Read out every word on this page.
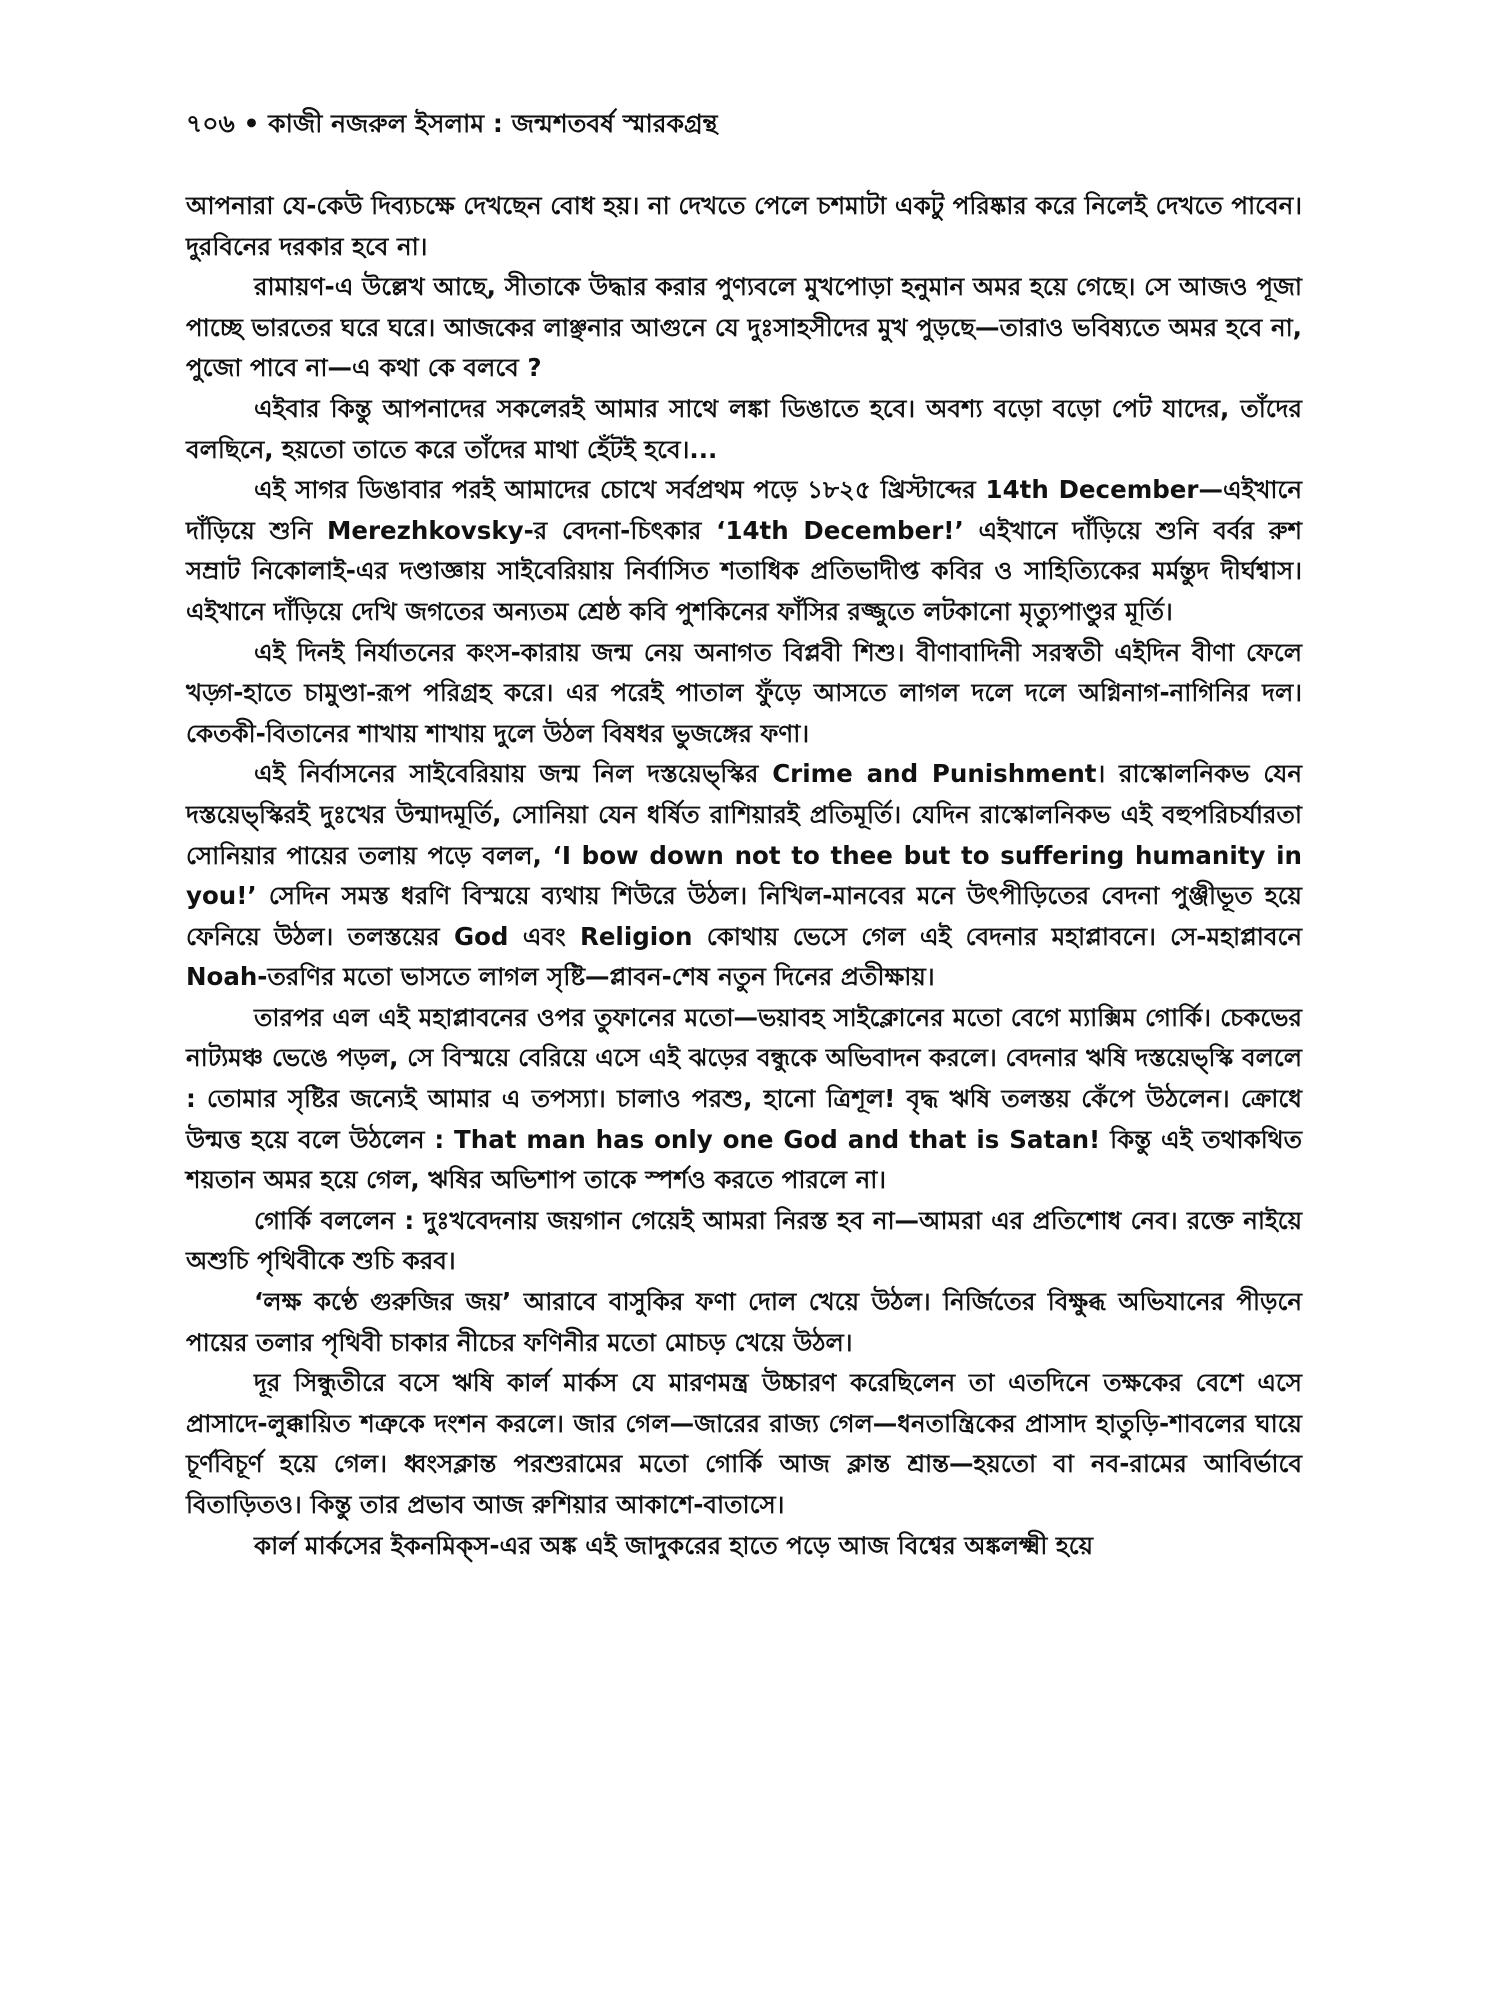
৭০৬ • কাজী নজরুল ইসলাম : জন্মশতবর্ষ স্মারকগ্রন্থ

আপনারা যে-কেউ দিব্যচক্ষে দেখছেন বোধ হয়। না দেখতে পেলে চশমাটা একটু পরিষ্কার করে নিলেই দেখতে পাবেন। দুরবিনের দরকার হবে না।

রামায়ণ-এ উল্লেখ আছে, সীতাকে উদ্ধার করার পুণ্যবলে মুখপোড়া হনুমান অমর হয়ে গেছে। সে আজও পূজা পাচ্ছে ভারতের ঘরে ঘরে। আজকের লাঞ্ছনার আগুনে যে দুঃসাহসীদের মুখ পুড়ছে—তারাও ভবিষ্যতে অমর হবে না, পুজো পাবে না—এ কথা কে বলবে ?

এইবার কিন্তু আপনাদের সকলেরই আমার সাথে লঙ্কা ডিঙাতে হবে। অবশ্য বড়ো বড়ো পেট যাদের, তাঁদের বলছিনে, হয়তো তাতে করে তাঁদের মাথা হেঁটই হবে।...

এই সাগর ডিঙাবার পরই আমাদের চোখে সর্বপ্রথম পড়ে ১৮২৫ খ্রিস্টাব্দের 14th December—এইখানে দাঁড়িয়ে শুনি Merezhkovsky-র বেদনা-চিৎকার ‘14th December!’ এইখানে দাঁড়িয়ে শুনি বর্বর রুশ সম্রাট নিকোলাই-এর দণ্ডাজ্ঞায় সাইবেরিয়ায় নির্বাসিত শতাধিক প্রতিভাদীপ্ত কবির ও সাহিত্যিকের মর্মন্তুদ দীর্ঘশ্বাস। এইখানে দাঁড়িয়ে দেখি জগতের অন্যতম শ্রেষ্ঠ কবি পুশকিনের ফাঁসির রজ্জুতে লটকানো মৃত্যুপাণ্ডুর মূর্তি।

এই দিনই নির্যাতনের কংস-কারায় জন্ম নেয় অনাগত বিপ্লবী শিশু। বীণাবাদিনী সরস্বতী এইদিন বীণা ফেলে খড়্গ-হাতে চামুণ্ডা-রূপ পরিগ্রহ করে। এর পরেই পাতাল ফুঁড়ে আসতে লাগল দলে দলে অগ্নিনাগ-নাগিনির দল। কেতকী-বিতানের শাখায় শাখায় দুলে উঠল বিষধর ভুজঙ্গের ফণা।

এই নির্বাসনের সাইবেরিয়ায় জন্ম নিল দস্তয়েভ্‌স্কির Crime and Punishment। রাস্কোলনিকভ যেন দস্তয়েভ্‌স্কিরই দুঃখের উন্মাদমূর্তি, সোনিয়া যেন ধর্ষিত রাশিয়ারই প্রতিমূর্তি। যেদিন রাস্কোলনিকভ এই বহুপরিচর্যারতা সোনিয়ার পায়ের তলায় পড়ে বলল, ‘I bow down not to thee but to suffering humanity in you!’ সেদিন সমস্ত ধরণি বিস্ময়ে ব্যথায় শিউরে উঠল। নিখিল-মানবের মনে উৎপীড়িতের বেদনা পুঞ্জীভূত হয়ে ফেনিয়ে উঠল। তলস্তয়ের God এবং Religion কোথায় ভেসে গেল এই বেদনার মহাপ্লাবনে। সে-মহাপ্লাবনে Noah-তরণির মতো ভাসতে লাগল সৃষ্টি—প্লাবন-শেষ নতুন দিনের প্রতীক্ষায়।

তারপর এল এই মহাপ্লাবনের ওপর তুফানের মতো—ভয়াবহ সাইক্লোনের মতো বেগে ম্যাক্সিম গোর্কি। চেকভের নাট্যমঞ্চ ভেঙে পড়ল, সে বিস্ময়ে বেরিয়ে এসে এই ঝড়ের বন্ধুকে অভিবাদন করলে। বেদনার ঋষি দস্তয়েভ্‌স্কি বললে : তোমার সৃষ্টির জন্যেই আমার এ তপস্যা। চালাও পরশু, হানো ত্রিশূল! বৃদ্ধ ঋষি তলস্তয় কেঁপে উঠলেন। ক্রোধে উন্মত্ত হয়ে বলে উঠলেন : That man has only one God and that is Satan! কিন্তু এই তথাকথিত শয়তান অমর হয়ে গেল, ঋষির অভিশাপ তাকে স্পর্শও করতে পারলে না।

গোর্কি বললেন : দুঃখবেদনায় জয়গান গেয়েই আমরা নিরস্ত হব না—আমরা এর প্রতিশোধ নেব। রক্তে নাইয়ে অশুচি পৃথিবীকে শুচি করব।

‘লক্ষ কণ্ঠে গুরুজির জয়’ আরাবে বাসুকির ফণা দোল খেয়ে উঠল। নির্জিতের বিক্ষুব্ধ অভিযানের পীড়নে পায়ের তলার পৃথিবী চাকার নীচের ফণিনীর মতো মোচড় খেয়ে উঠল।

দূর সিন্ধুতীরে বসে ঋষি কার্ল মার্কস যে মারণমন্ত্র উচ্চারণ করেছিলেন তা এতদিনে তক্ষকের বেশে এসে প্রাসাদে-লুক্কায়িত শত্রুকে দংশন করলে। জার গেল—জারের রাজ্য গেল—ধনতান্ত্রিকের প্রাসাদ হাতুড়ি-শাবলের ঘায়ে চূর্ণবিচূর্ণ হয়ে গেল। ধ্বংসক্লান্ত পরশুরামের মতো গোর্কি আজ ক্লান্ত শ্রান্ত—হয়তো বা নব-রামের আবির্ভাবে বিতাড়িতও। কিন্তু তার প্রভাব আজ রুশিয়ার আকাশে-বাতাসে।

কার্ল মার্কসের ইকনমিক্‌স-এর অঙ্ক এই জাদুকরের হাতে পড়ে আজ বিশ্বের অঙ্কলক্ষ্মী হয়ে
